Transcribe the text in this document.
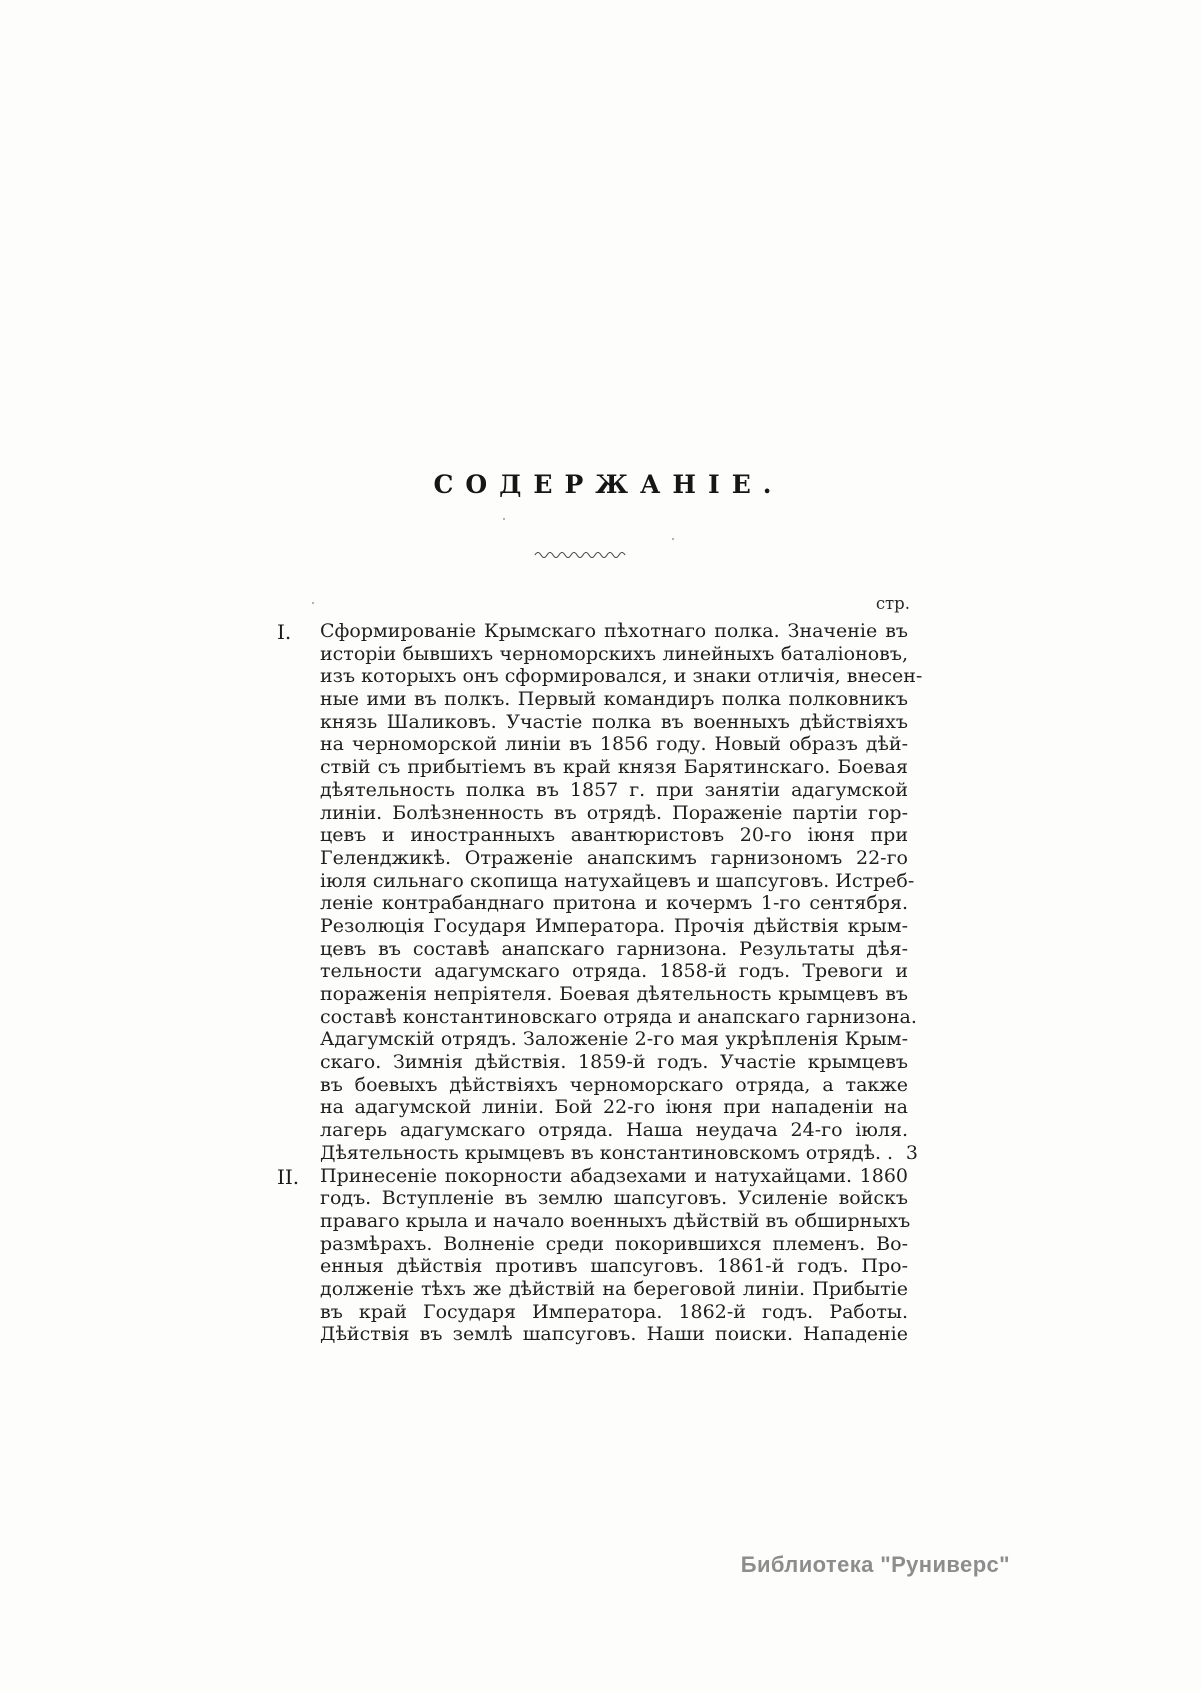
СОДЕРЖАНІЕ.
стр.
I.	Сформированіе Крымскаго пѣхотнаго полка. Значеніе въ
исторіи бывшихъ черноморскихъ линейныхъ баталіоновъ,
изъ которыхъ онъ сформировался, и знаки отличія, внесен-
ные ими въ полкъ. Первый командиръ полка полковникъ
князь Шаликовъ. Участіе полка въ военныхъ дѣйствіяхъ
на черноморской линіи въ 1856 году. Новый образъ дѣй-
ствій съ прибытіемъ въ край князя Барятинскаго. Боевая
дѣятельность полка въ 1857 г. при занятіи адагумской
линіи. Болѣзненность въ отрядѣ. Пораженіе партіи гор-
цевъ и иностранныхъ авантюристовъ 20-го іюня при
Геленджикѣ. Отраженіе анапскимъ гарнизономъ 22-го
іюля сильнаго скопища натухайцевъ и шапсуговъ. Истреб-
леніе контрабанднаго притона и кочермъ 1-го сентября.
Резолюція Государя Императора. Прочія дѣйствія крым-
цевъ въ составѣ анапскаго гарнизона. Результаты дѣя-
тельности адагумскаго отряда. 1858-й годъ. Тревоги и
пораженія непріятеля. Боевая дѣятельность крымцевъ въ
составѣ константиновскаго отряда и анапскаго гарнизона.
Адагумскій отрядъ. Заложеніе 2-го мая укрѣпленія Крым-
скаго. Зимнія дѣйствія. 1859-й годъ. Участіе крымцевъ
въ боевыхъ дѣйствіяхъ черноморскаго отряда, а также
на адагумской линіи. Бой 22-го іюня при нападеніи на
лагерь адагумскаго отряда. Наша неудача 24-го іюля.
Дѣятельность крымцевъ въ константиновскомъ отрядѣ. . 3
II.	Принесеніе покорности абадзехами и натухайцами. 1860
годъ. Вступленіе въ землю шапсуговъ. Усиленіе войскъ
праваго крыла и начало военныхъ дѣйствій въ обширныхъ
размѣрахъ. Волненіе среди покорившихся племенъ. Во-
енныя дѣйствія противъ шапсуговъ. 1861-й годъ. Про-
долженіе тѣхъ же дѣйствій на береговой линіи. Прибытіе
въ край Государя Императора. 1862-й годъ. Работы.
Дѣйствія въ землѣ шапсуговъ. Наши поиски. Нападеніе
Библиотека "Руниверс"
